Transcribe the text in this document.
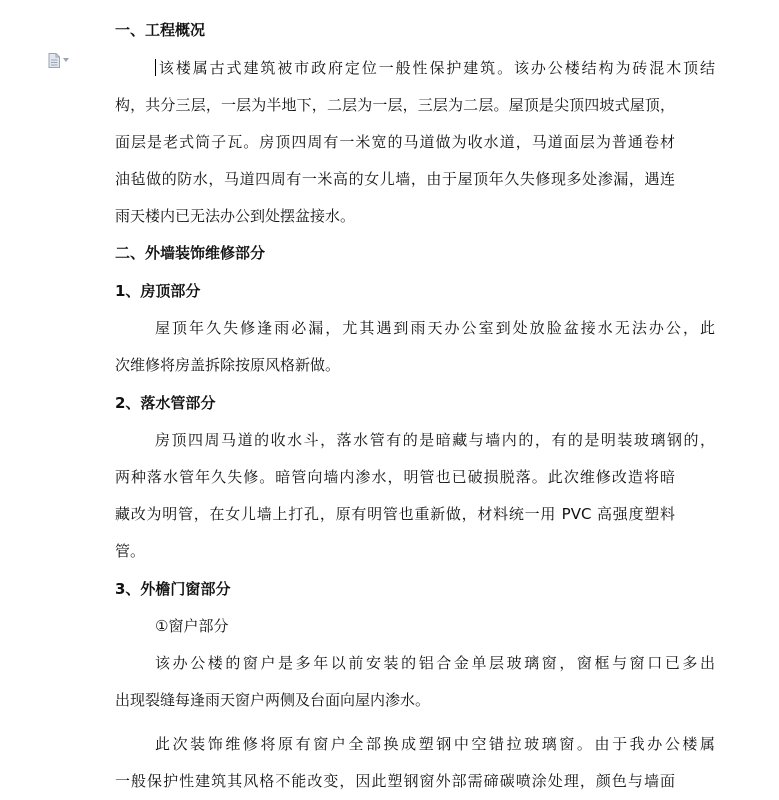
一、工程概况
该楼属古式建筑被市政府定位一般性保护建筑。该办公楼结构为砖混木顶结
构，共分三层，一层为半地下，二层为一层，三层为二层。屋顶是尖顶四坡式屋顶，
面层是老式筒子瓦。房顶四周有一米宽的马道做为收水道，马道面层为普通卷材
油毡做的防水，马道四周有一米高的女儿墙，由于屋顶年久失修现多处渗漏，遇连
雨天楼内已无法办公到处摆盆接水。
二、外墙装饰维修部分
1、房顶部分
屋顶年久失修逢雨必漏，尤其遇到雨天办公室到处放脸盆接水无法办公，此
次维修将房盖拆除按原风格新做。
2、落水管部分
房顶四周马道的收水斗，落水管有的是暗藏与墙内的，有的是明装玻璃钢的，
两种落水管年久失修。暗管向墙内渗水，明管也已破损脱落。此次维修改造将暗
藏改为明管，在女儿墙上打孔，原有明管也重新做，材料统一用 PVC 高强度塑料
管。
3、外檐门窗部分
①窗户部分
该办公楼的窗户是多年以前安装的铝合金单层玻璃窗，窗框与窗口已多出
出现裂缝每逢雨天窗户两侧及台面向屋内渗水。
此次装饰维修将原有窗户全部换成塑钢中空错拉玻璃窗。由于我办公楼属
一般保护性建筑其风格不能改变，因此塑钢窗外部需碲碳喷涂处理，颜色与墙面
